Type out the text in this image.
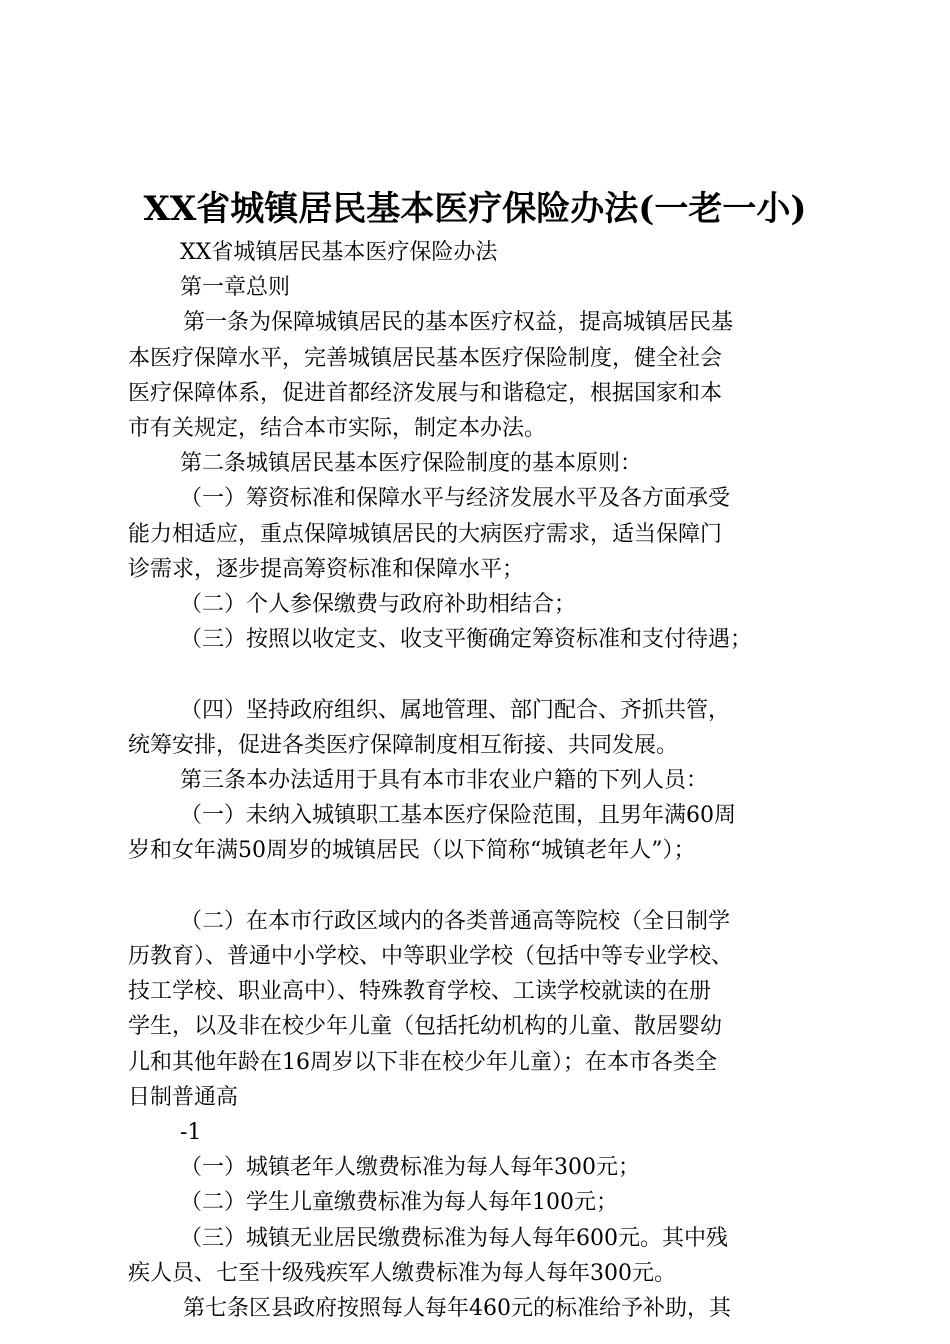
XX省城镇居民基本医疗保险办法(一老一小)

XX省城镇居民基本医疗保险办法

第一章总则

第一条为保障城镇居民的基本医疗权益，提高城镇居民基

本医疗保障水平，完善城镇居民基本医疗保险制度，健全社会

医疗保障体系，促进首都经济发展与和谐稳定，根据国家和本

市有关规定，结合本市实际，制定本办法。

第二条城镇居民基本医疗保险制度的基本原则：

（一）筹资标准和保障水平与经济发展水平及各方面承受

能力相适应，重点保障城镇居民的大病医疗需求，适当保障门

诊需求，逐步提高筹资标准和保障水平；

（二）个人参保缴费与政府补助相结合；

（三）按照以收定支、收支平衡确定筹资标准和支付待遇；

（四）坚持政府组织、属地管理、部门配合、齐抓共管，

统筹安排，促进各类医疗保障制度相互衔接、共同发展。

第三条本办法适用于具有本市非农业户籍的下列人员：

（一）未纳入城镇职工基本医疗保险范围，且男年满60周

岁和女年满50周岁的城镇居民（以下简称“城镇老年人”）；

（二）在本市行政区域内的各类普通高等院校（全日制学

历教育）、普通中小学校、中等职业学校（包括中等专业学校、

技工学校、职业高中）、特殊教育学校、工读学校就读的在册

学生，以及非在校少年儿童（包括托幼机构的儿童、散居婴幼

儿和其他年龄在16周岁以下非在校少年儿童）；在本市各类全

日制普通高

-1

（一）城镇老年人缴费标准为每人每年300元；

（二）学生儿童缴费标准为每人每年100元；

（三）城镇无业居民缴费标准为每人每年600元。其中残

疾人员、七至十级残疾军人缴费标准为每人每年300元。

第七条区县政府按照每人每年460元的标准给予补助，其
